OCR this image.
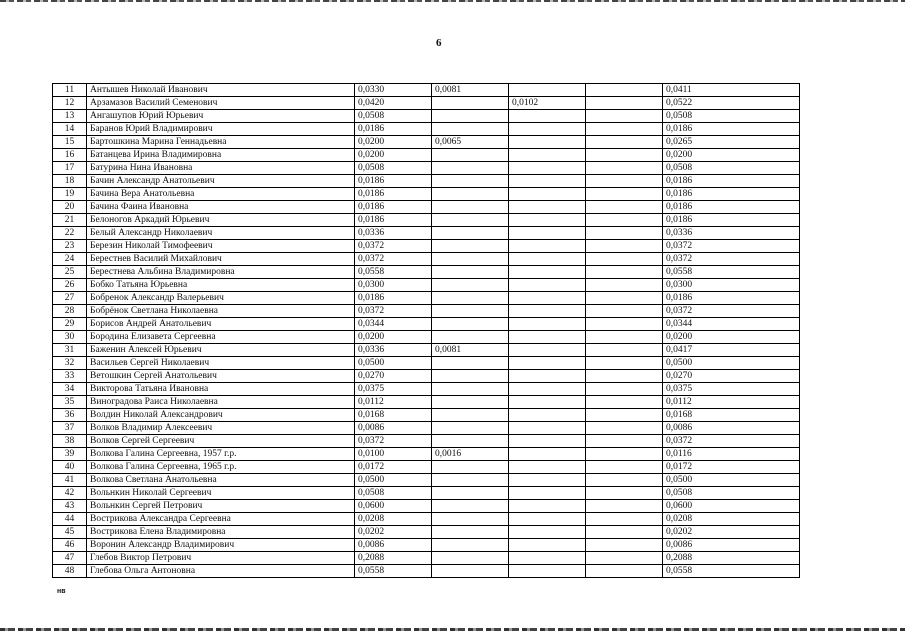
6
11	Антышев Николай Иванович	0,0330	0,0081			0,0411
12	Арзамазов Василий Семенович	0,0420		0,0102		0,0522
13	Ангашупов Юрий Юрьевич	0,0508				0,0508
14	Баранов Юрий Владимирович	0,0186				0,0186
15	Бартошкина Марина Геннадьевна	0,0200	0,0065			0,0265
16	Батанцева Ирина Владимировна	0,0200				0,0200
17	Батурина Нина Ивановна	0,0508				0,0508
18	Бачин Александр Анатольевич	0,0186				0,0186
19	Бачина Вера Анатольевна	0,0186				0,0186
20	Бачина Фаина Ивановна	0,0186				0,0186
21	Белоногов Аркадий Юрьевич	0,0186				0,0186
22	Белый Александр Николаевич	0,0336				0,0336
23	Березин Николай Тимофеевич	0,0372				0,0372
24	Берестнев Василий Михайлович	0,0372				0,0372
25	Берестнева Альбина Владимировна	0,0558				0,0558
26	Бобко Татьяна Юрьевна	0,0300				0,0300
27	Бобренок Александр Валерьевич	0,0186				0,0186
28	Бобрёнок Светлана Николаевна	0,0372				0,0372
29	Борисов Андрей Анатольевич	0,0344				0,0344
30	Бородина Елизавета Сергеевна	0,0200				0,0200
31	Баженин Алексей Юрьевич	0,0336	0,0081			0,0417
32	Васильев Сергей Николаевич	0,0500				0,0500
33	Ветошкин Сергей Анатольевич	0,0270				0,0270
34	Викторова Татьяна Ивановна	0,0375				0,0375
35	Виноградова Раиса Николаевна	0,0112				0,0112
36	Волдин Николай Александрович	0,0168				0,0168
37	Волков Владимир Алексеевич	0,0086				0,0086
38	Волков Сергей Сергеевич	0,0372				0,0372
39	Волкова Галина Сергеевна, 1957 г.р.	0,0100	0,0016			0,0116
40	Волкова Галина Сергеевна, 1965 г.р.	0,0172				0,0172
41	Волкова Светлана Анатольевна	0,0500				0,0500
42	Вольнкин Николай Сергеевич	0,0508				0,0508
43	Вольнкин Сергей Петрович	0,0600				0,0600
44	Вострикова Александра Сергеевна	0,0208				0,0208
45	Вострикова Елена Владимировна	0,0202				0,0202
46	Воронин Александр Владимирович	0,0086				0,0086
47	Глебов Виктор Петрович	0,2088				0,2088
48	Глебова Ольга Антоновна	0,0558				0,0558
нв
